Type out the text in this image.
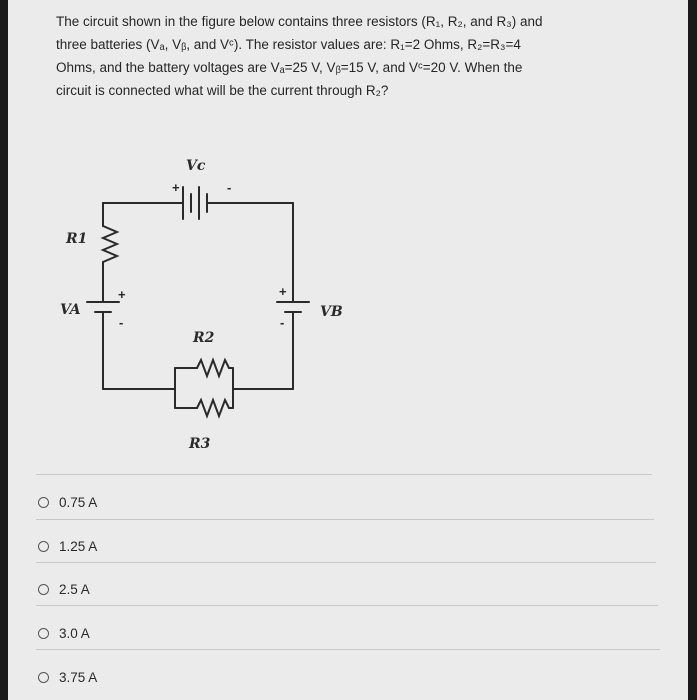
The circuit shown in the figure below contains three resistors (R₁, R₂, and R₃) and

three batteries (Vₐ, Vᵦ, and Vᶜ). The resistor values are: R₁=2 Ohms, R₂=R₃=4

Ohms, and the battery voltages are Vₐ=25 V, Vᵦ=15 V, and Vᶜ=20 V. When the

circuit is connected what will be the current through R₂?

Vc
R1
VA	VB
R2
R3
+	-
+
-
+
-
0.75 A
1.25 A
2.5 A
3.0 A
3.75 A
